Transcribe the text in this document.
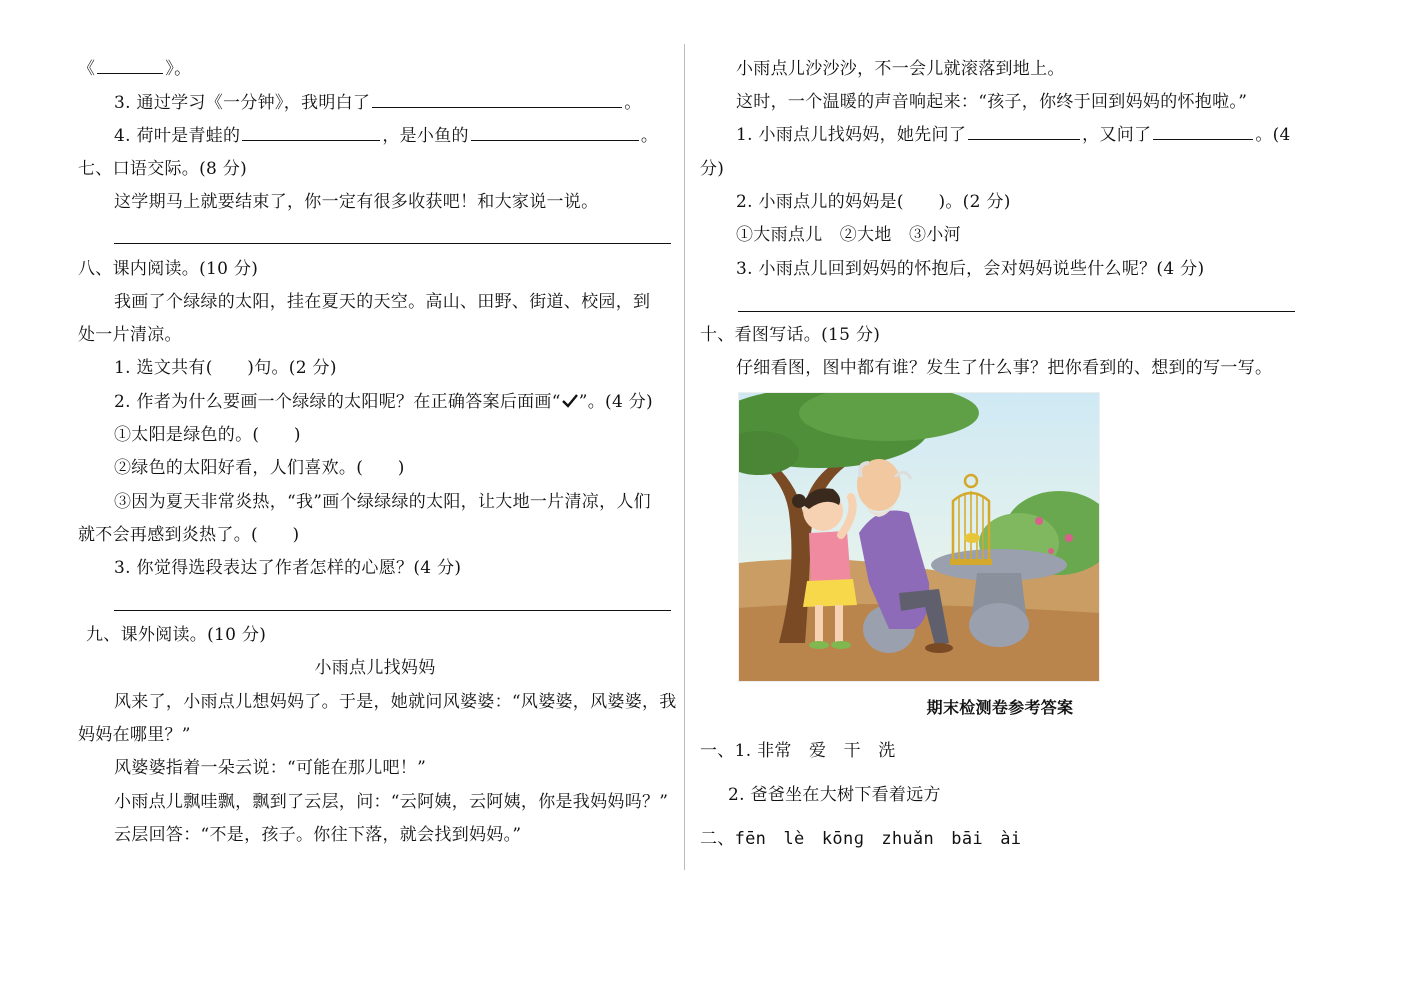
《	》。
3. 通过学习《一分钟》，我明白了	。
4. 荷叶是青蛙的	，是小鱼的	。
七、口语交际。(8 分)
这学期马上就要结束了，你一定有很多收获吧！和大家说一说。
八、课内阅读。(10 分)
我画了个绿绿的太阳，挂在夏天的天空。高山、田野、街道、校园，到
处一片清凉。
1. 选文共有(　　)句。(2 分)
2. 作者为什么要画一个绿绿的太阳呢？在正确答案后面画“ ”。(4 分)
①太阳是绿色的。(　　)
②绿色的太阳好看，人们喜欢。(　　)
③因为夏天非常炎热，“我”画个绿绿绿的太阳，让大地一片清凉，人们
就不会再感到炎热了。(　　)
3. 你觉得选段表达了作者怎样的心愿？(4 分)
九、课外阅读。(10 分)
小雨点儿找妈妈
风来了，小雨点儿想妈妈了。于是，她就问风婆婆：“风婆婆，风婆婆，我
妈妈在哪里？”
风婆婆指着一朵云说：“可能在那儿吧！”
小雨点儿飘哇飘，飘到了云层，问：“云阿姨，云阿姨，你是我妈妈吗？”
云层回答：“不是，孩子。你往下落，就会找到妈妈。”
小雨点儿沙沙沙，不一会儿就滚落到地上。
这时，一个温暖的声音响起来：“孩子，你终于回到妈妈的怀抱啦。”
1. 小雨点儿找妈妈，她先问了	，又问了	。(4
分)
2. 小雨点儿的妈妈是(　　)。(2 分)
①大雨点儿　②大地　③小河
3. 小雨点儿回到妈妈的怀抱后，会对妈妈说些什么呢？(4 分)
十、看图写话。(15 分)
仔细看图，图中都有谁？发生了什么事？把你看到的、想到的写一写。
期末检测卷参考答案
一、1. 非常　爱　干　洗
2. 爸爸坐在大树下看着远方
二、fēn　lè　kōnɡ　zhuǎn　bāi　ài
